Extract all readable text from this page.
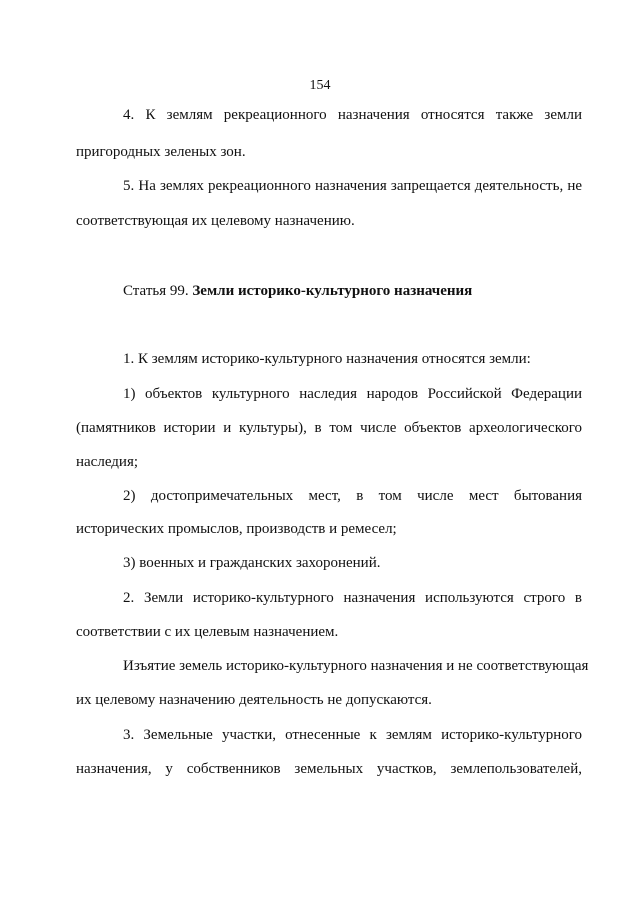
154
4. К землям рекреационного назначения относятся также земли
пригородных зеленых зон.
5. На землях рекреационного назначения запрещается деятельность, не
соответствующая их целевому назначению.
Статья 99. Земли историко-культурного назначения
1. К землям историко-культурного назначения относятся земли:
1) объектов культурного наследия народов Российской Федерации
(памятников истории и культуры), в том числе объектов археологического
наследия;
2) достопримечательных мест, в том числе мест бытования
исторических промыслов, производств и ремесел;
3) военных и гражданских захоронений.
2. Земли историко-культурного назначения используются строго в
соответствии с их целевым назначением.
Изъятие земель историко-культурного назначения и не соответствующая
их целевому назначению деятельность не допускаются.
3. Земельные участки, отнесенные к землям историко-культурного
назначения, у собственников земельных участков, землепользователей,
